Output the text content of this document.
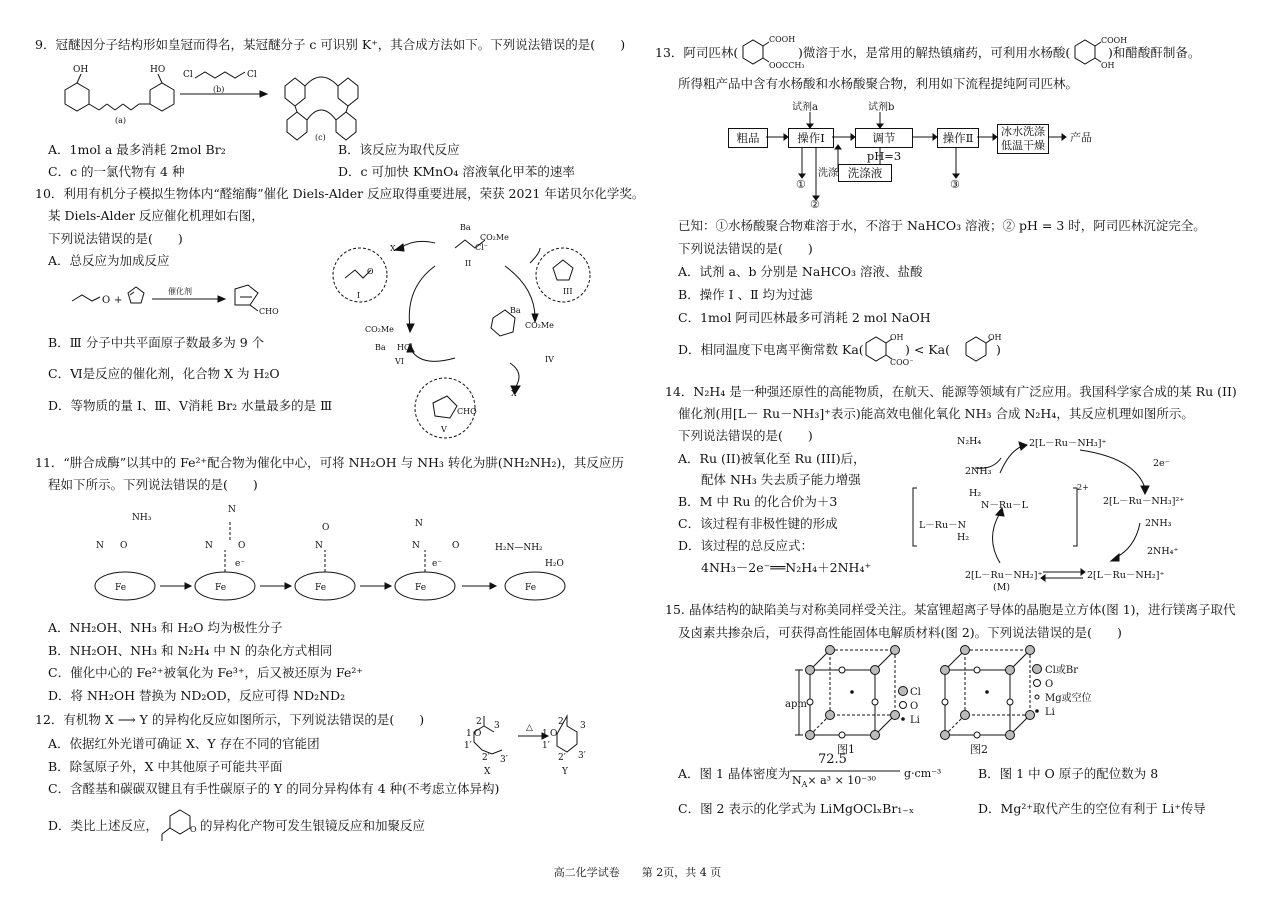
9．冠醚因分子结构形如皇冠而得名，某冠醚分子 c 可识别 K⁺，其合成方法如下。下列说法错误的是(　　)
OH	HO
(a)
Cl	Cl
(b)
(c)
A．1mol a 最多消耗 2mol Br₂	B．该反应为取代反应
C．c 的一氯代物有 4 种	D．c 可加快 KMnO₄ 溶液氧化甲苯的速率
10．利用有机分子模拟生物体内“醛缩酶”催化 Diels-Alder 反应取得重要进展，荣获 2021 年诺贝尔化学奖。
某 Diels-Alder 反应催化机理如右图，
下列说法错误的是(　　)
A．总反应为加成反应
O +
催化剂
CHO
B．Ⅲ 分子中共平面原子数最多为 9 个
C．Ⅵ是反应的催化剂，化合物 X 为 H₂O
D．等物质的量 Ⅰ、Ⅲ、Ⅴ消耗 Br₂ 水量最多的是 Ⅲ
X
I	III
II
IV
V
VI
X
O
Ba
CO₂Me
Cl⁻
CO₂Me
Ba
CO₂Me
Ba HCl
CHO
11．“肼合成酶”以其中的 Fe²⁺配合物为催化中心，可将 NH₂OH 与 NH₃ 转化为肼(NH₂NH₂)，其反应历
程如下所示。下列说法错误的是(　　)
Fe	Fe	Fe	Fe	Fe
NH₃
N O
N
N	O
e⁻
N
O	N
N	O
e⁻
H₂N—NH₂
H₂O
A．NH₂OH、NH₃ 和 H₂O 均为极性分子
B．NH₂OH、NH₃ 和 N₂H₄ 中 N 的杂化方式相同
C．催化中心的 Fe²⁺被氧化为 Fe³⁺，后又被还原为 Fe²⁺
D．将 NH₂OH 替换为 ND₂OD，反应可得 ND₂ND₂
12．有机物 X ⟶ Y 的异构化反应如图所示，下列说法错误的是(　　)	2 3
1 O
1′
2′ 3′
△
2 3
1 O
1′
2′ 3′
X	Y
A．依据红外光谱可确证 X、Y 存在不同的官能团
B．除氢原子外，X 中其他原子可能共平面
C．含醛基和碳碳双键且有手性碳原子的 Y 的同分异构体有 4 种(不考虑立体异构)
D．类比上述反应，	O 的异构化产物可发生银镜反应和加聚反应
13．阿司匹林(
COOH
OOCCH₃
)微溶于水，是常用的解热镇痛药，可利用水杨酸(
COOH
OH
)和醋酸酐制备。
所得粗产品中含有水杨酸和水杨酸聚合物，利用如下流程提纯阿司匹林。
粗品	操作Ⅰ	调节pH=3
操作Ⅱ	冰水洗涤
低温干燥
洗涤液
试剂a	试剂b
产品
①
洗涤
②
③
已知：①水杨酸聚合物难溶于水，不溶于 NaHCO₃ 溶液；② pH = 3 时，阿司匹林沉淀完全。
下列说法错误的是(　　)
A．试剂 a、b 分别是 NaHCO₃ 溶液、盐酸
B．操作 Ⅰ 、Ⅱ 均为过滤
C．1mol 阿司匹林最多可消耗 2 mol NaOH
D．相同温度下电离平衡常数 Ka(
OH
COO⁻
) < Ka(
OH
)
14．N₂H₄ 是一种强还原性的高能物质，在航天、能源等领域有广泛应用。我国科学家合成的某 Ru (II)
催化剂(用[L－ Ru－NH₃]⁺表示)能高效电催化氧化 NH₃ 合成 N₂H₄，其反应机理如图所示。
下列说法错误的是(　　)
A．Ru (II)被氧化至 Ru (III)后，
配体 NH₃ 失去质子能力增强
B．M 中 Ru 的化合价为＋3
C．该过程有非极性键的形成
D．该过程的总反应式：
4NH₃－2e⁻══N₂H₄＋2NH₄⁺
N₂H₄
2NH₃
2[L－Ru－NH₃]⁺
2e⁻
2[L－Ru－NH₃]²⁺
2NH₃
2NH₄⁺
2[L－Ru－NH₂]⁺
2[L－Ru－NH₂]⁺
(M)
H₂
N－Ru－L
L－Ru－N
H₂
2+
15. 晶体结构的缺陷美与对称美同样受关注。某富锂超离子导体的晶胞是立方体(图 1)，进行镁离子取代
及卤素共掺杂后，可获得高性能固体电解质材料(图 2)。下列说法错误的是(　　)
apm
Cl
O
Li
Cl或Br
O
Mg或空位
Li
图1	图2
A．图 1 晶体密度为
72.5
$N_A\times a^3 \times 10^{-30}$
g·cm⁻³	B．图 1 中 O 原子的配位数为 8
C．图 2 表示的化学式为 LiMgOClₓBr₁₋ₓ	D．Mg²⁺取代产生的空位有利于 Li⁺传导
高二化学试卷　　第 2页，共 4 页
